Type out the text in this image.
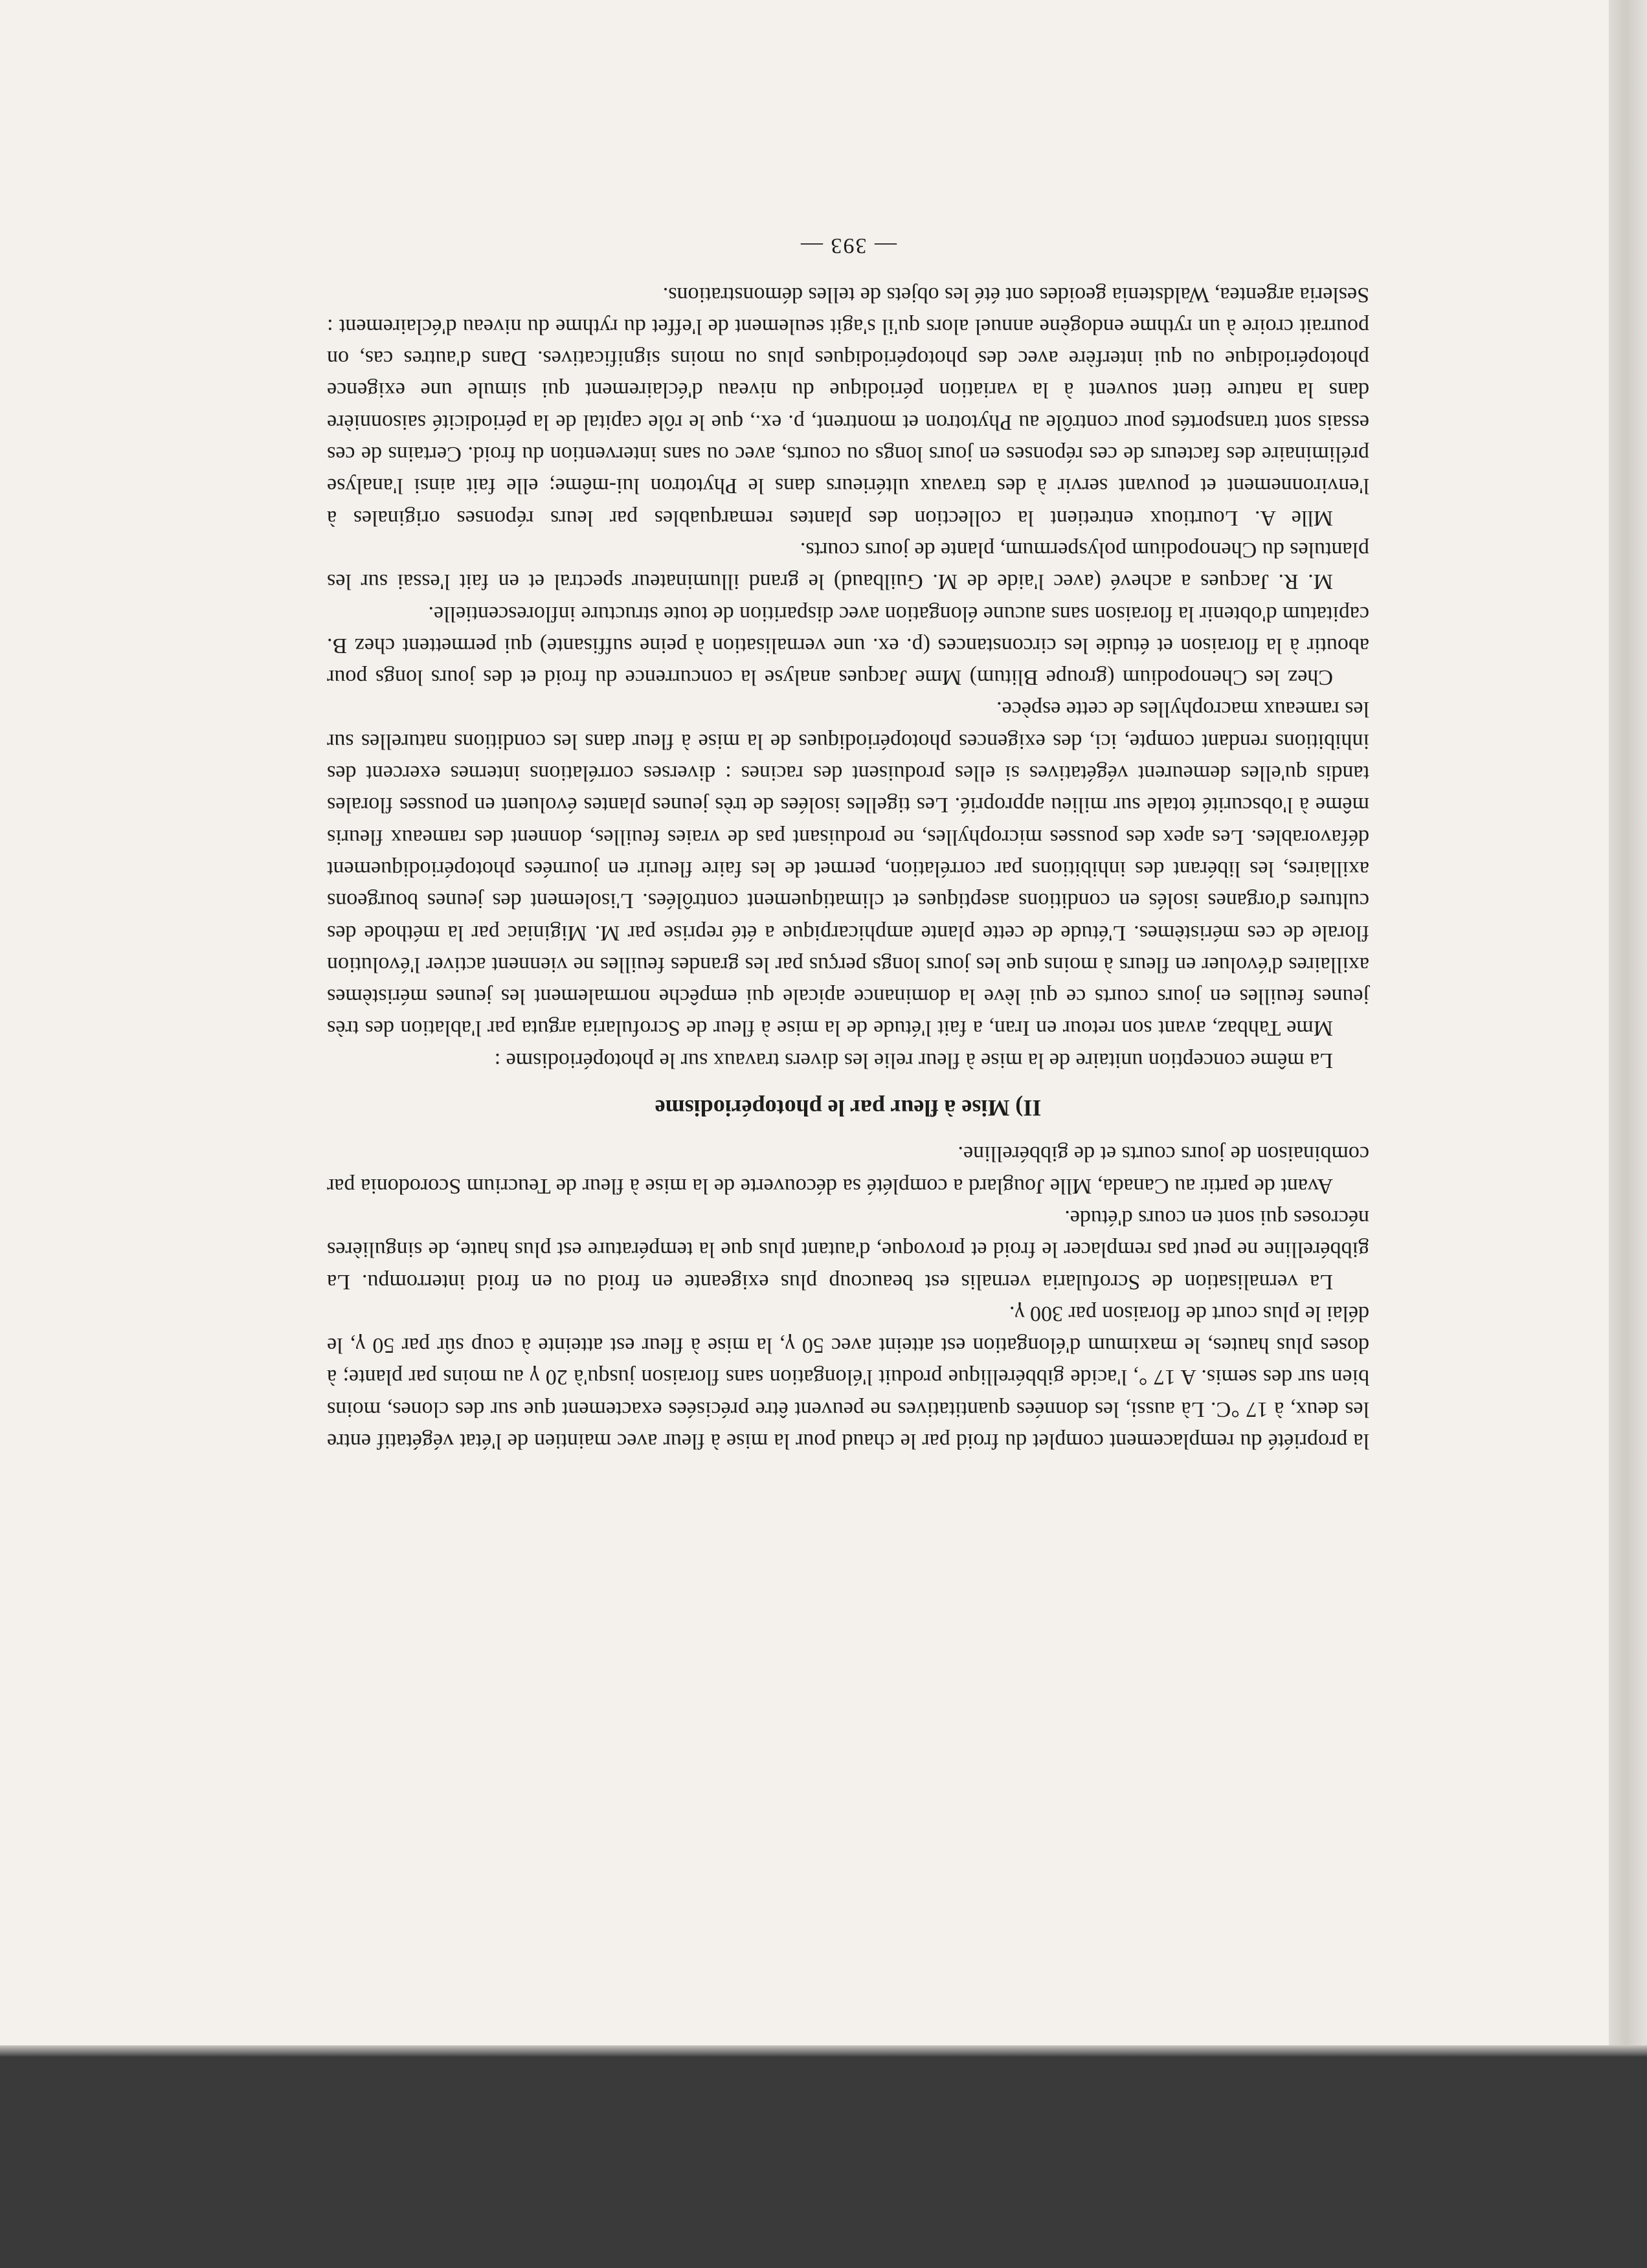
la propriété du remplacement complet du froid par le chaud pour la mise à fleur avec maintien de l'état végétatif entre les deux, à 17 °C. Là aussi, les données quantitatives ne peuvent être précisées exactement que sur des clones, moins bien sur des semis. A 17 °, l'acide gibbérellique produit l'élongation sans floraison jusqu'à 20 γ au moins par plante; à doses plus hautes, le maximum d'élongation est atteint avec 50 γ, la mise à fleur est atteinte à coup sûr par 50 γ, le délai le plus court de floraison par 300 γ.

La vernalisation de Scrofularia vernalis est beaucoup plus exigeante en froid ou en froid interrompu. La gibbérelline ne peut pas remplacer le froid et provoque, d'autant plus que la température est plus haute, de singulières nécroses qui sont en cours d'étude.

Avant de partir au Canada, Mlle Jouglard a complété sa découverte de la mise à fleur de Teucrium Scorodonia par combinaison de jours courts et de gibbérelline.

II) Mise à fleur par le photopériodisme

La même conception unitaire de la mise à fleur relie les divers travaux sur le photopériodisme :

Mme Tahbaz, avant son retour en Iran, a fait l'étude de la mise à fleur de Scrofularia arguta par l'ablation des très jeunes feuilles en jours courts ce qui lève la dominance apicale qui empêche normalement les jeunes méristèmes axillaires d'évoluer en fleurs à moins que les jours longs perçus par les grandes feuilles ne viennent activer l'évolution florale de ces méristèmes. L'étude de cette plante amphicarpique a été reprise par M. Miginiac par la méthode des cultures d'organes isolés en conditions aseptiques et climatiquement contrôlées. L'isolement des jeunes bourgeons axillaires, les libérant des inhibitions par corrélation, permet de les faire fleurir en journées photopériodiquement défavorables. Les apex des pousses microphylles, ne produisant pas de vraies feuilles, donnent des rameaux fleuris même à l'obscurité totale sur milieu approprié. Les tigelles isolées de très jeunes plantes évoluent en pousses florales tandis qu'elles demeurent végétatives si elles produisent des racines : diverses corrélations internes exercent des inhibitions rendant compte, ici, des exigences photopériodiques de la mise à fleur dans les conditions naturelles sur les rameaux macrophylles de cette espèce.

Chez les Chenopodium (groupe Blitum) Mme Jacques analyse la concurrence du froid et des jours longs pour aboutir à la floraison et étudie les circonstances (p. ex. une vernalisation à peine suffisante) qui permettent chez B. capitatum d'obtenir la floraison sans aucune élongation avec disparition de toute structure inflorescentielle.

M. R. Jacques a achevé (avec l'aide de M. Guilbaud) le grand illuminateur spectral et en fait l'essai sur les plantules du Chenopodium polyspermum, plante de jours courts.

Mlle A. Lourtioux entretient la collection des plantes remarquables par leurs réponses originales à l'environnement et pouvant servir à des travaux ultérieurs dans le Phytotron lui-même; elle fait ainsi l'analyse préliminaire des facteurs de ces réponses en jours longs ou courts, avec ou sans intervention du froid. Certains de ces essais sont transportés pour contrôle au Phytotron et montrent, p. ex., que le rôle capital de la périodicité saisonnière dans la nature tient souvent à la variation périodique du niveau d'éclairement qui simule une exigence photopériodique ou qui interfère avec des photopériodiques plus ou moins significatives. Dans d'autres cas, on pourrait croire à un rythme endogène annuel alors qu'il s'agit seulement de l'effet du rythme du niveau d'éclairement : Sesleria argentea, Waldstenia geoides ont été les objets de telles démonstrations.

— 393 —
